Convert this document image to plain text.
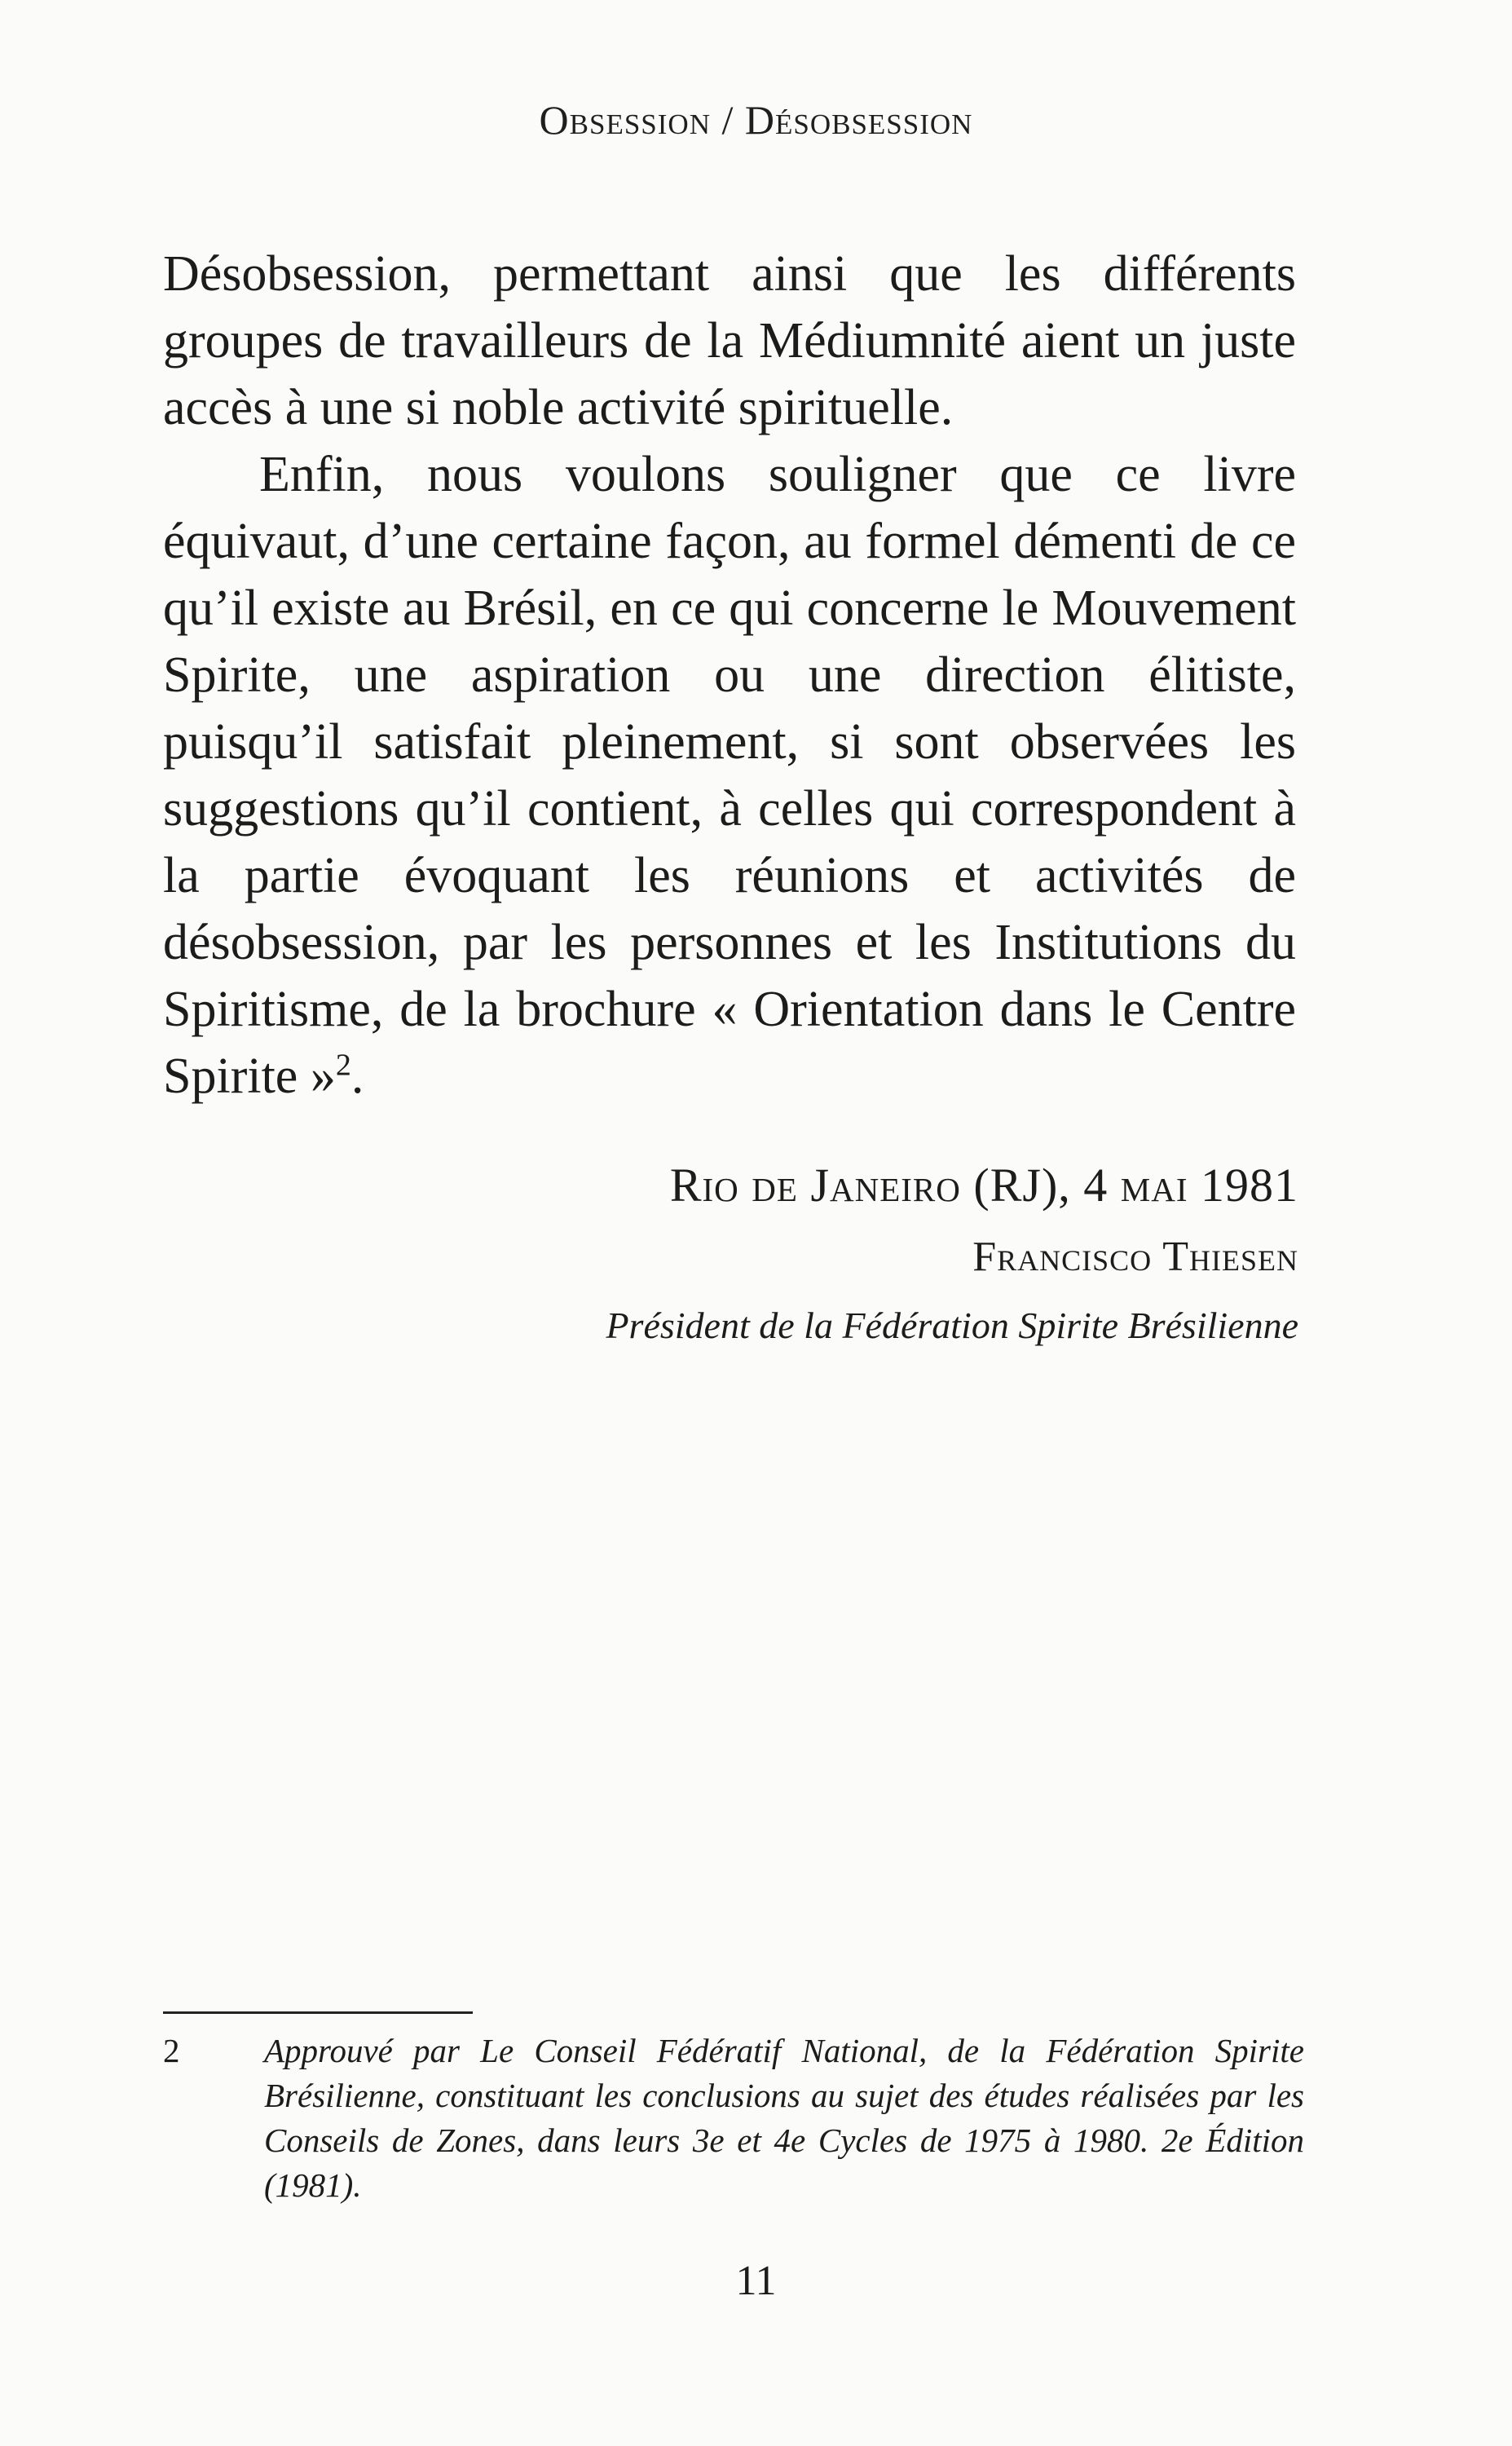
Obsession / Désobsession

Désobsession, permettant ainsi que les différents groupes de travailleurs de la Médiumnité aient un juste accès à une si noble activité spirituelle.

Enfin, nous voulons souligner que ce livre équivaut, d’une certaine façon, au formel démenti de ce qu’il existe au Brésil, en ce qui concerne le Mouvement Spirite, une aspiration ou une direction élitiste, puisqu’il satisfait pleinement, si sont observées les suggestions qu’il contient, à celles qui correspondent à la partie évoquant les réunions et activités de désobsession, par les personnes et les Institutions du Spiritisme, de la brochure « Orientation dans le Centre Spirite »$^2$.

Rio de Janeiro (RJ), 4 mai 1981

Francisco Thiesen

Président de la Fédération Spirite Brésilienne

2	Approuvé par Le Conseil Fédératif National, de la Fédération Spirite Brésilienne, constituant les conclusions au sujet des études réalisées par les Conseils de Zones, dans leurs 3e et 4e Cycles de 1975 à 1980. 2e Édition (1981).
11
